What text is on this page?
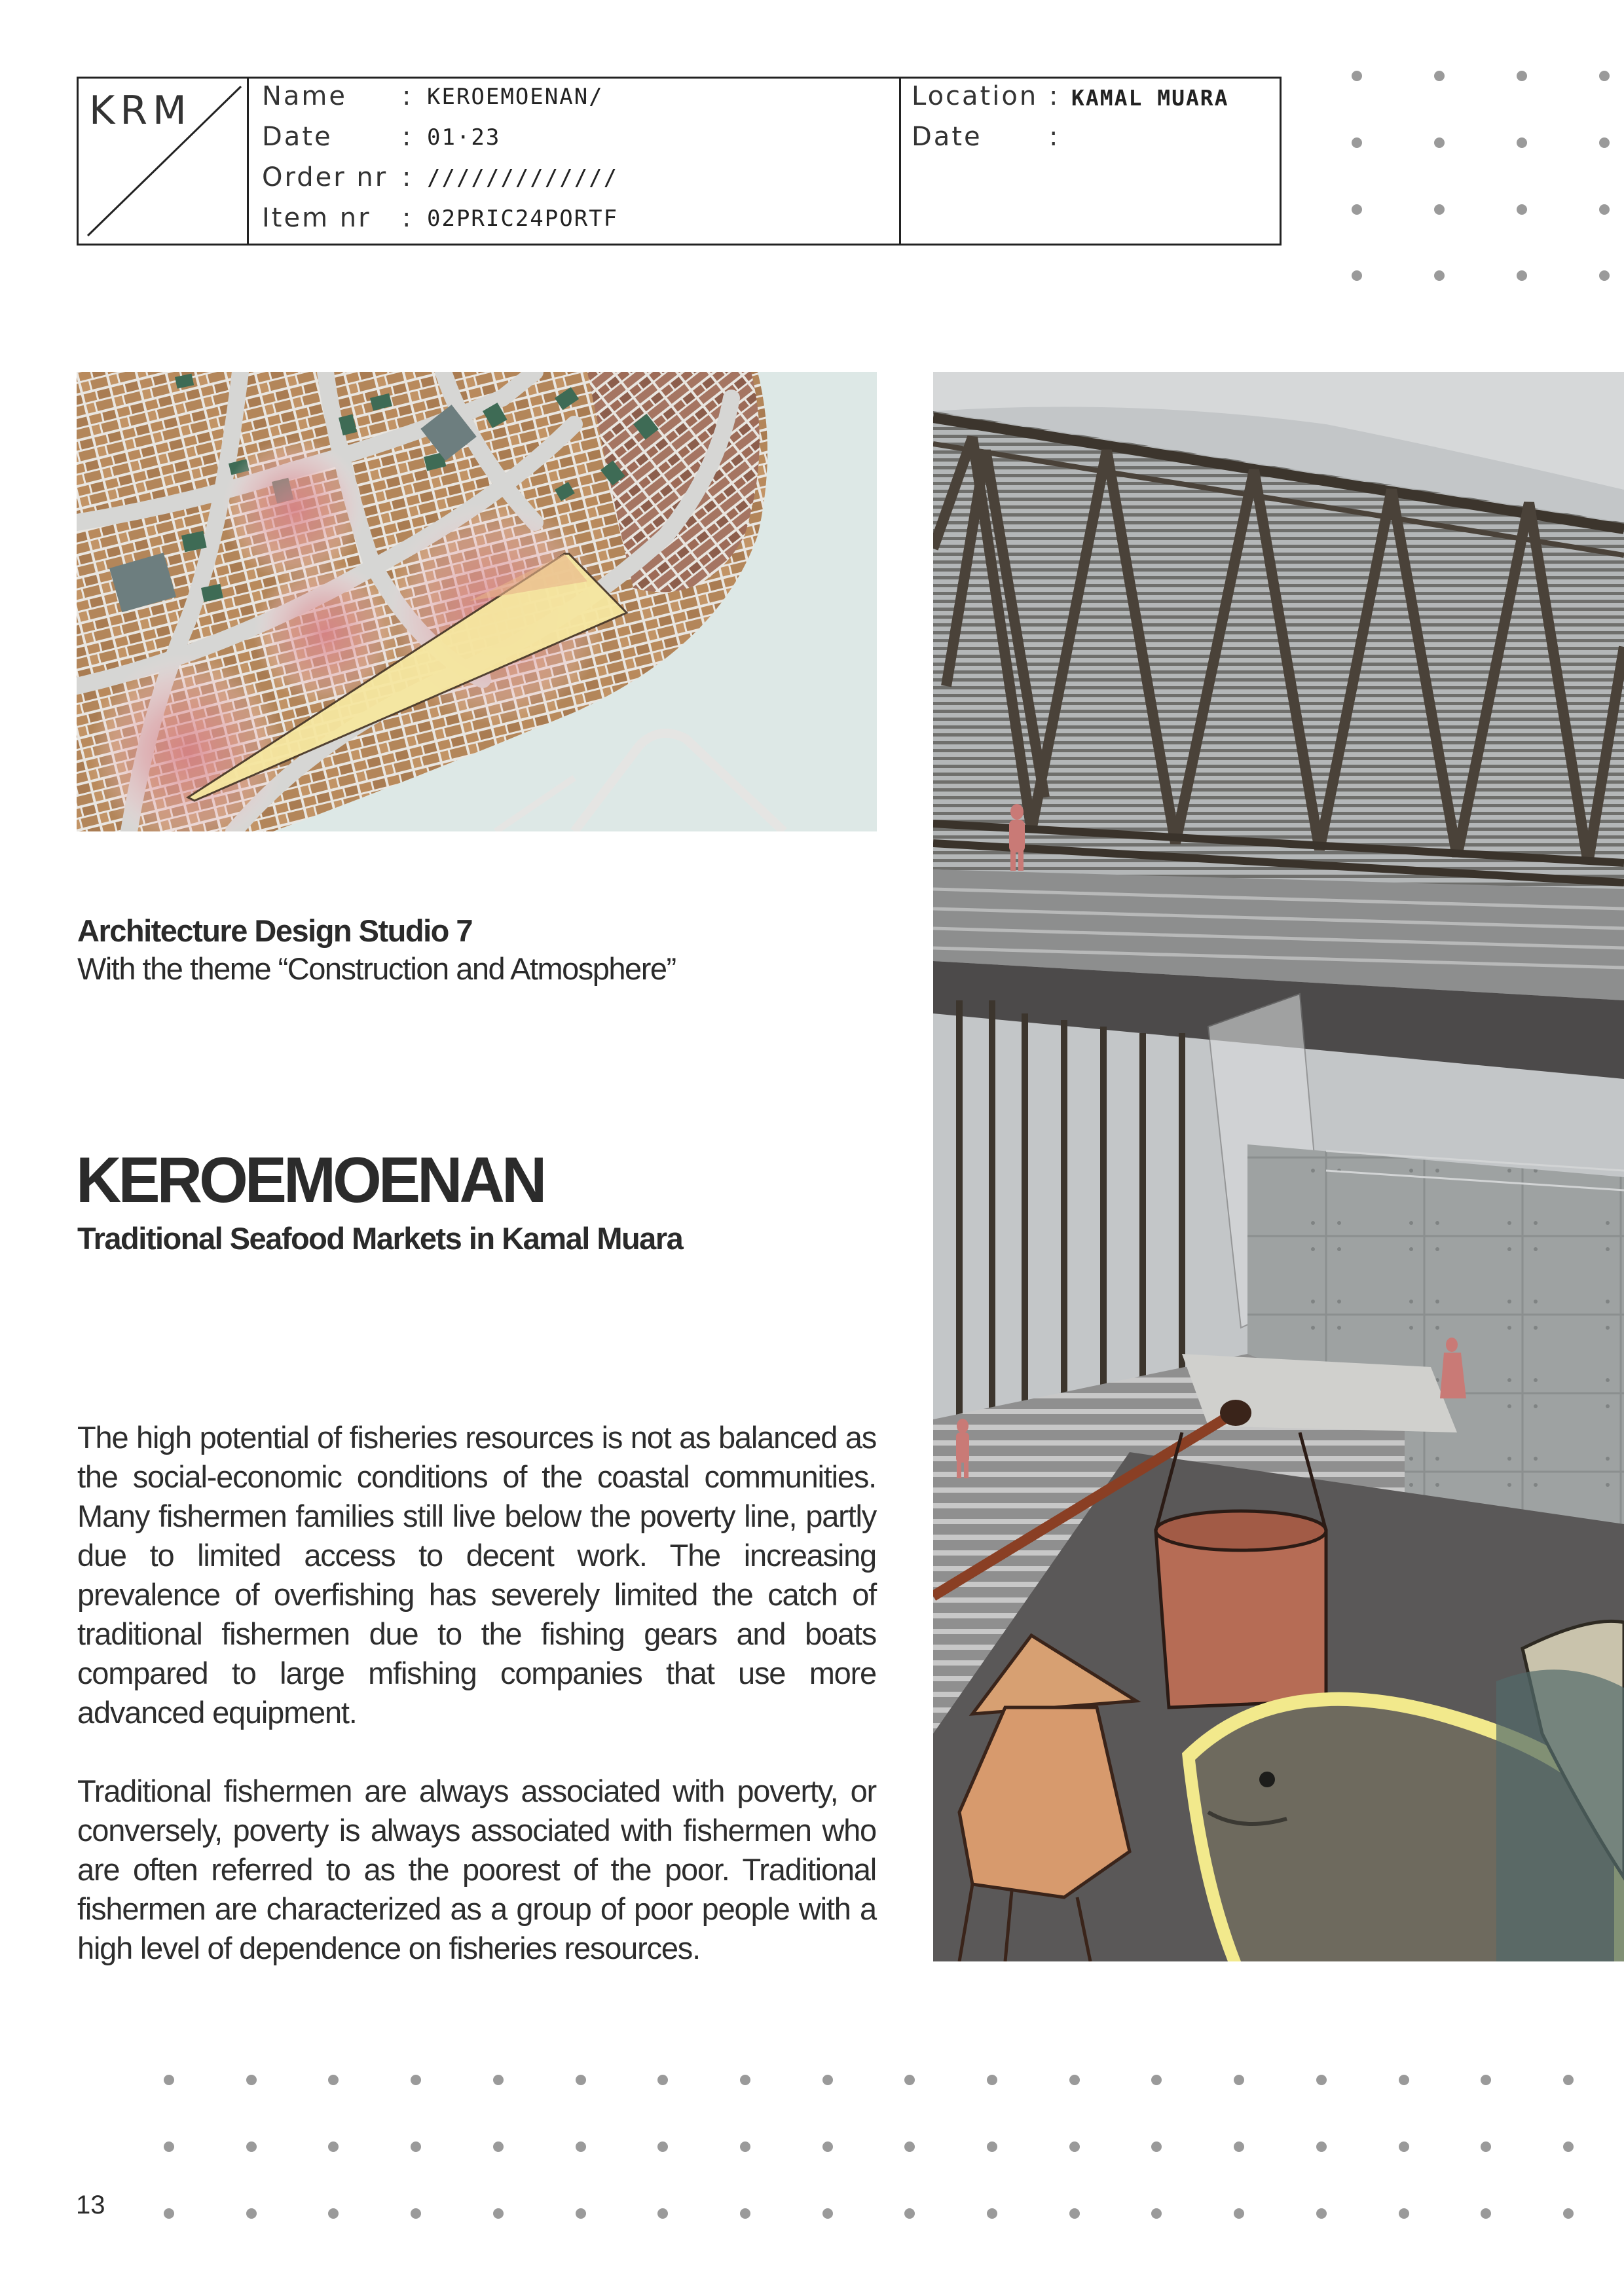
KRM	Name : KEROEMOENAN/
Date	: 01·23
Order nr : /////////////
Item nr : 02PRIC24PORTF
Location : KAMAL MUARA
Date	:
Architecture Design Studio 7
With the theme “Construction and Atmosphere”
KEROEMOENAN
Traditional Seafood Markets in Kamal Muara

The high potential of fisheries resources is not as balanced as the social-economic conditions of the coastal communities. Many fishermen families still live below the poverty line, partly due to limited access to decent work. The increasing prevalence of overfishing has severely limited the catch of traditional fishermen due to the fishing gears and boats compared to large mfishing companies that use more advanced equipment.

Traditional fishermen are always associated with poverty, or conversely, poverty is always associated with fishermen who are often referred to as the poorest of the poor. Traditional fishermen are characterized as a group of poor people with a high level of dependence on fisheries resources.

13
